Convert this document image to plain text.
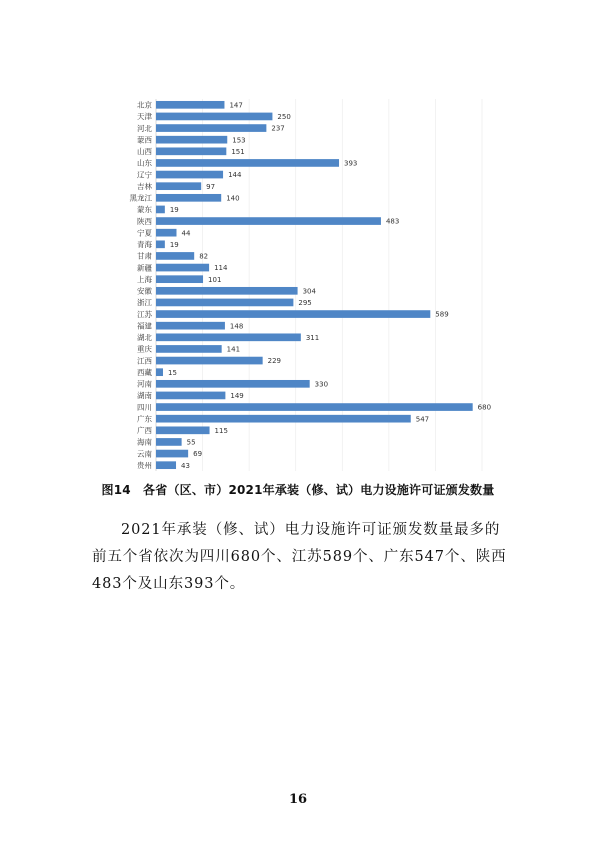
北京	147
天津	250
河北	237
蒙西	153
山西	151
山东	393
辽宁	144
吉林	97
黑龙江	140
蒙东	19
陕西	483
宁夏	44
青海	19
甘肃	82
新疆	114
上海	101
安徽	304
浙江	295
江苏	589
福建	148
湖北	311
重庆	141
江西	229
西藏 15
河南	330
湖南	149
四川	680
广东	547
广西	115
海南	55
云南	69
贵州	43
图14　各省（区、市）2021年承装（修、试）电力设施许可证颁发数量

2021年承装（修、试）电力设施许可证颁发数量最多的前五个省依次为四川680个、江苏589个、广东547个、陕西483个及山东393个。

16
